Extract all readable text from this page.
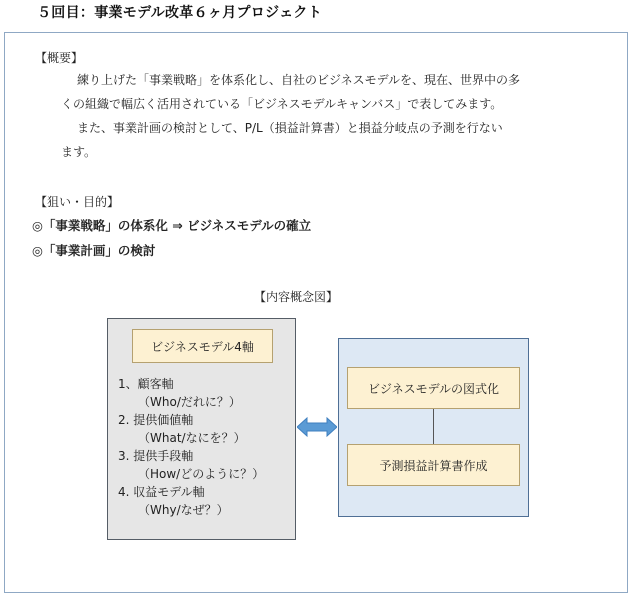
５回目：事業モデル改革６ヶ月プロジェクト
【概要】
練り上げた「事業戦略」を体系化し、自社のビジネスモデルを、現在、世界中の多
くの組織で幅広く活用されている「ビジネスモデルキャンバス」で表してみます。
また、事業計画の検討として、P/L（損益計算書）と損益分岐点の予測を行ない
ます。
【狙い・目的】
◎「事業戦略」の体系化 ⇒ ビジネスモデルの確立
◎「事業計画」の検討
【内容概念図】
ビジネスモデル4軸
1、顧客軸
（Who/だれに？）
2. 提供価値軸
（What/なにを？）
3. 提供手段軸
（How/どのように？）
4. 収益モデル軸
（Why/なぜ？）
ビジネスモデルの図式化
予測損益計算書作成
